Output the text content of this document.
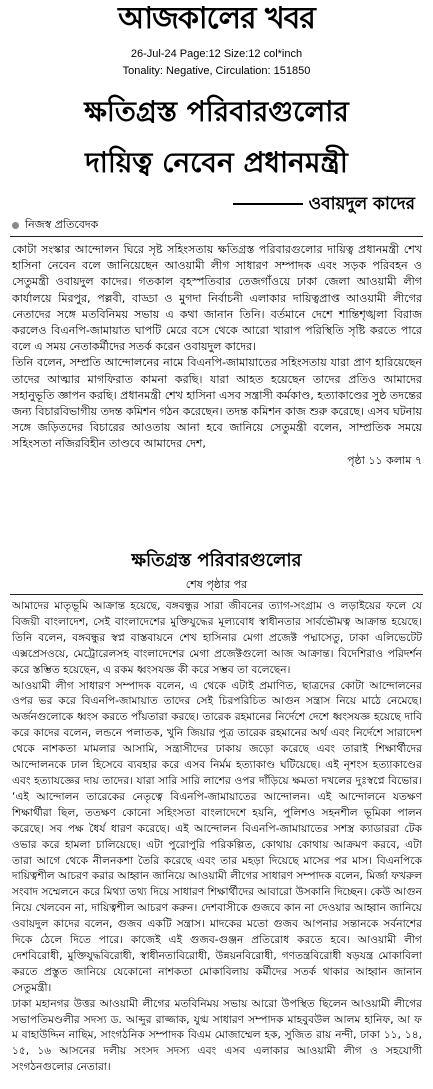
আজকালের খবর
26-Jul-24 Page:12 Size:12 col*inch
Tonality: Negative, Circulation: 151850
ক্ষতিগ্রস্ত পরিবারগুলোর
দায়িত্ব নেবেন প্রধানমন্ত্রী
ওবায়দুল কাদের
নিজস্ব প্রতিবেদক

কোটা সংস্কার আন্দোলন ঘিরে সৃষ্ট সহিংসতায় ক্ষতিগ্রস্ত পরিবারগুলোর দায়িত্ব প্রধানমন্ত্রী শেখ হাসিনা নেবেন বলে জানিয়েছেন আওয়ামী লীগ সাধারণ সম্পাদক এবং সড়ক পরিবহন ও সেতুমন্ত্রী ওবায়দুল কাদের। গতকাল বৃহস্পতিবার তেজগাঁওয়ে ঢাকা জেলা আওয়ামী লীগ কার্যালয়ে মিরপুর, পল্লবী, বাড্ডা ও মুগদা নির্বাচনী এলাকার দায়িত্বপ্রাপ্ত আওয়ামী লীগের নেতাদের সঙ্গে মতবিনিময় সভায় এ কথা জানান তিনি। বর্তমানে দেশে শান্তিশৃঙ্খলা বিরাজ করলেও বিএনপি-জামায়াত ঘাপটি মেরে বসে থেকে আরো খারাপ পরিস্থিতি সৃষ্টি করতে পারে বলে এ সময় নেতাকর্মীদের সতর্ক করেন ওবায়দুল কাদের।

তিনি বলেন, সম্প্রতি আন্দোলনের নামে বিএনপি-জামায়াতের সহিংসতায় যারা প্রাণ হারিয়েছেন তাদের আত্মার মাগফিরাত কামনা করছি। যারা আহত হয়েছেন তাদের প্রতিও আমাদের সহানুভূতি জ্ঞাপন করছি। প্রধানমন্ত্রী শেখ হাসিনা এসব সন্ত্রাসী কর্মকাণ্ড, হত্যাকাণ্ডের সুষ্ঠ তদন্তের জন্য বিচারবিভাগীয় তদন্ত কমিশন গঠন করেছেন। তদন্ত কমিশন কাজ শুরু করেছে। এসব ঘটনায় সঙ্গে জড়িতদের বিচারের আওতায় আনা হবে জানিয়ে সেতুমন্ত্রী বলেন, সাম্প্রতিক সময়ে সহিংসতা নজিরবিহীন তাণ্ডবে আমাদের দেশ,

পৃষ্ঠা ১১ কলাম ৭

ক্ষতিগ্রস্ত পরিবারগুলোর
শেষ পৃষ্ঠার পর

আমাদের মাতৃভূমি আক্রান্ত হয়েছে, বঙ্গবন্ধুর সারা জীবনের ত্যাগ-সংগ্রাম ও লড়াইয়ের ফলে যে বিজয়ী বাংলাদেশ, সেই বাংলাদেশের মুক্তিযুদ্ধের মূল্যবোধ স্বাধীনতার সার্বভৌমত্ব আক্রান্ত হয়েছে। তিনি বলেন, বঙ্গবন্ধুর স্বপ্ন বাস্তবায়নে শেখ হাসিনার মেগা প্রজেক্ট পদ্মাসেতু, ঢাকা এলিভেটেট এক্সপ্রেসওয়ে, মেট্রোরেলসহ বাংলাদেশের মেগা প্রজেক্টগুলো আজ আক্রান্ত। বিদেশিরাও পরিদর্শন করে স্তম্ভিত হয়েছেন, এ রকম ধ্বংসযজ্ঞ কী করে সম্ভব তা বলেছেন।

আওয়ামী লীগ সাধারণ সম্পাদক বলেন, এ থেকে এটাই প্রমাণিত, ছাত্রদের কোটা আন্দোলনের ওপর ভর করে বিএনপি-জামায়াত তাদের সেই চিরপরিচিত আগুন সন্ত্রাস নিয়ে মাঠে নেমেছে। অর্জনগুলোকে ধ্বংস করতে পাঁয়তারা করছে। তারেক রহমানের নির্দেশে দেশে ধ্বংসযজ্ঞ হয়েছে দাবি করে কাদের বলেন, লন্ডনে পলাতক, খুনি জিয়ার পুত্র তারেক রহমানের অর্থ এবং নির্দেশে সারাদেশ থেকে নাশকতা মামলার আসামি, সন্ত্রাসীদের ঢাকায় জড়ো করেছে এবং তারাই শিক্ষার্থীদের আন্দোলনকে ঢাল হিসেবে ব্যবহার করে এসব নির্মম হত্যাকাণ্ড ঘটিয়েছে। এই নৃশংস হত্যাকাণ্ডের এবং হত্যাযজ্ঞের দায় তাদের। যারা সারি সারি লাশের ওপর দাঁড়িয়ে ক্ষমতা দখলের দুঃস্বপ্নে বিভোর। ‘এই আন্দোলন তারেকের নেতৃত্বে বিএনপি-জামায়াতের আন্দোলন। এই আন্দোলনে যতক্ষণ শিক্ষার্থীরা ছিল, ততক্ষণ কোনো সহিংসতা বাংলাদেশে হয়নি, পুলিশও সহনশীল ভূমিকা পালন করেছে। সব পক্ষ ধৈর্য ধারণ করেছে। এই আন্দোলন বিএনপি-জামায়াতের সশস্ত্র ক্যাডাররা টেক ওভার করে হামলা চালিয়েছে। এটা পুরোপুরি পরিকল্পিত, কোথায় কোথায় আক্রমণ করবে, এটা তারা আগে থেকে নীলনকশা তৈরি করেছে এবং তার মহড়া দিয়েছে মাসের পর মাস। বিএনপিকে দায়িত্বশীল আচরণ করার আহ্বান জানিয়ে আওয়ামী লীগের সাধারণ সম্পাদক বলেন, মির্জা ফখরুল সংবাদ সম্মেলনে করে মিথ্যা তথ্য দিয়ে সাধারণ শিক্ষার্থীদের আবারো উসকানি দিচ্ছেন। কেউ আগুন নিয়ে খেলবেন না, দায়িত্বশীল আচরণ করুন। দেশবাসীকে গুজবে কান না দেওয়ার আহ্বান জানিয়ে ওবায়দুল কাদের বলেন, গুজব একটি সন্ত্রাস। মাদকের মতো গুজব আপনার সন্তানকে সর্বনাশের দিকে ঠেলে দিতে পারে। কাজেই এই গুজব-গুঞ্জন প্রতিরোধ করতে হবে। আওয়ামী লীগ দেশবিরোধী, মুক্তিযুদ্ধবিরোধী, স্বাধীনতাবিরোধী, উন্নয়নবিরোধী, গণতন্ত্রবিরোধী ষড়যন্ত্র মোকাবিলা করতে প্রস্তুত জানিয়ে যেকোনো নাশকতা মোকাবিলায় কর্মীদের সতর্ক থাকার আহ্বান জানান সেতুমন্ত্রী।

ঢাকা মহানগর উত্তর আওয়ামী লীগের মতবিনিময় সভায় আরো উপস্থিত ছিলেন আওয়ামী লীগের সভাপতিমণ্ডলীর সদস্য ড. আব্দুর রাজ্জাক, যুগ্ম সাধারণ সম্পাদক মাহবুবউল আলম হানিফ, আ ফ ম বাহাউদ্দিন নাছিম, সাংগঠনিক সম্পাদক বিএম মোজাম্মেল হক, সুজিত রায় নন্দী, ঢাকা ১১, ১৪, ১৫, ১৬ আসনের দলীয় সংসদ সদস্য এবং এসব এলাকার আওয়ামী লীগ ও সহযোগী সংগঠনগুলোর নেতারা।
